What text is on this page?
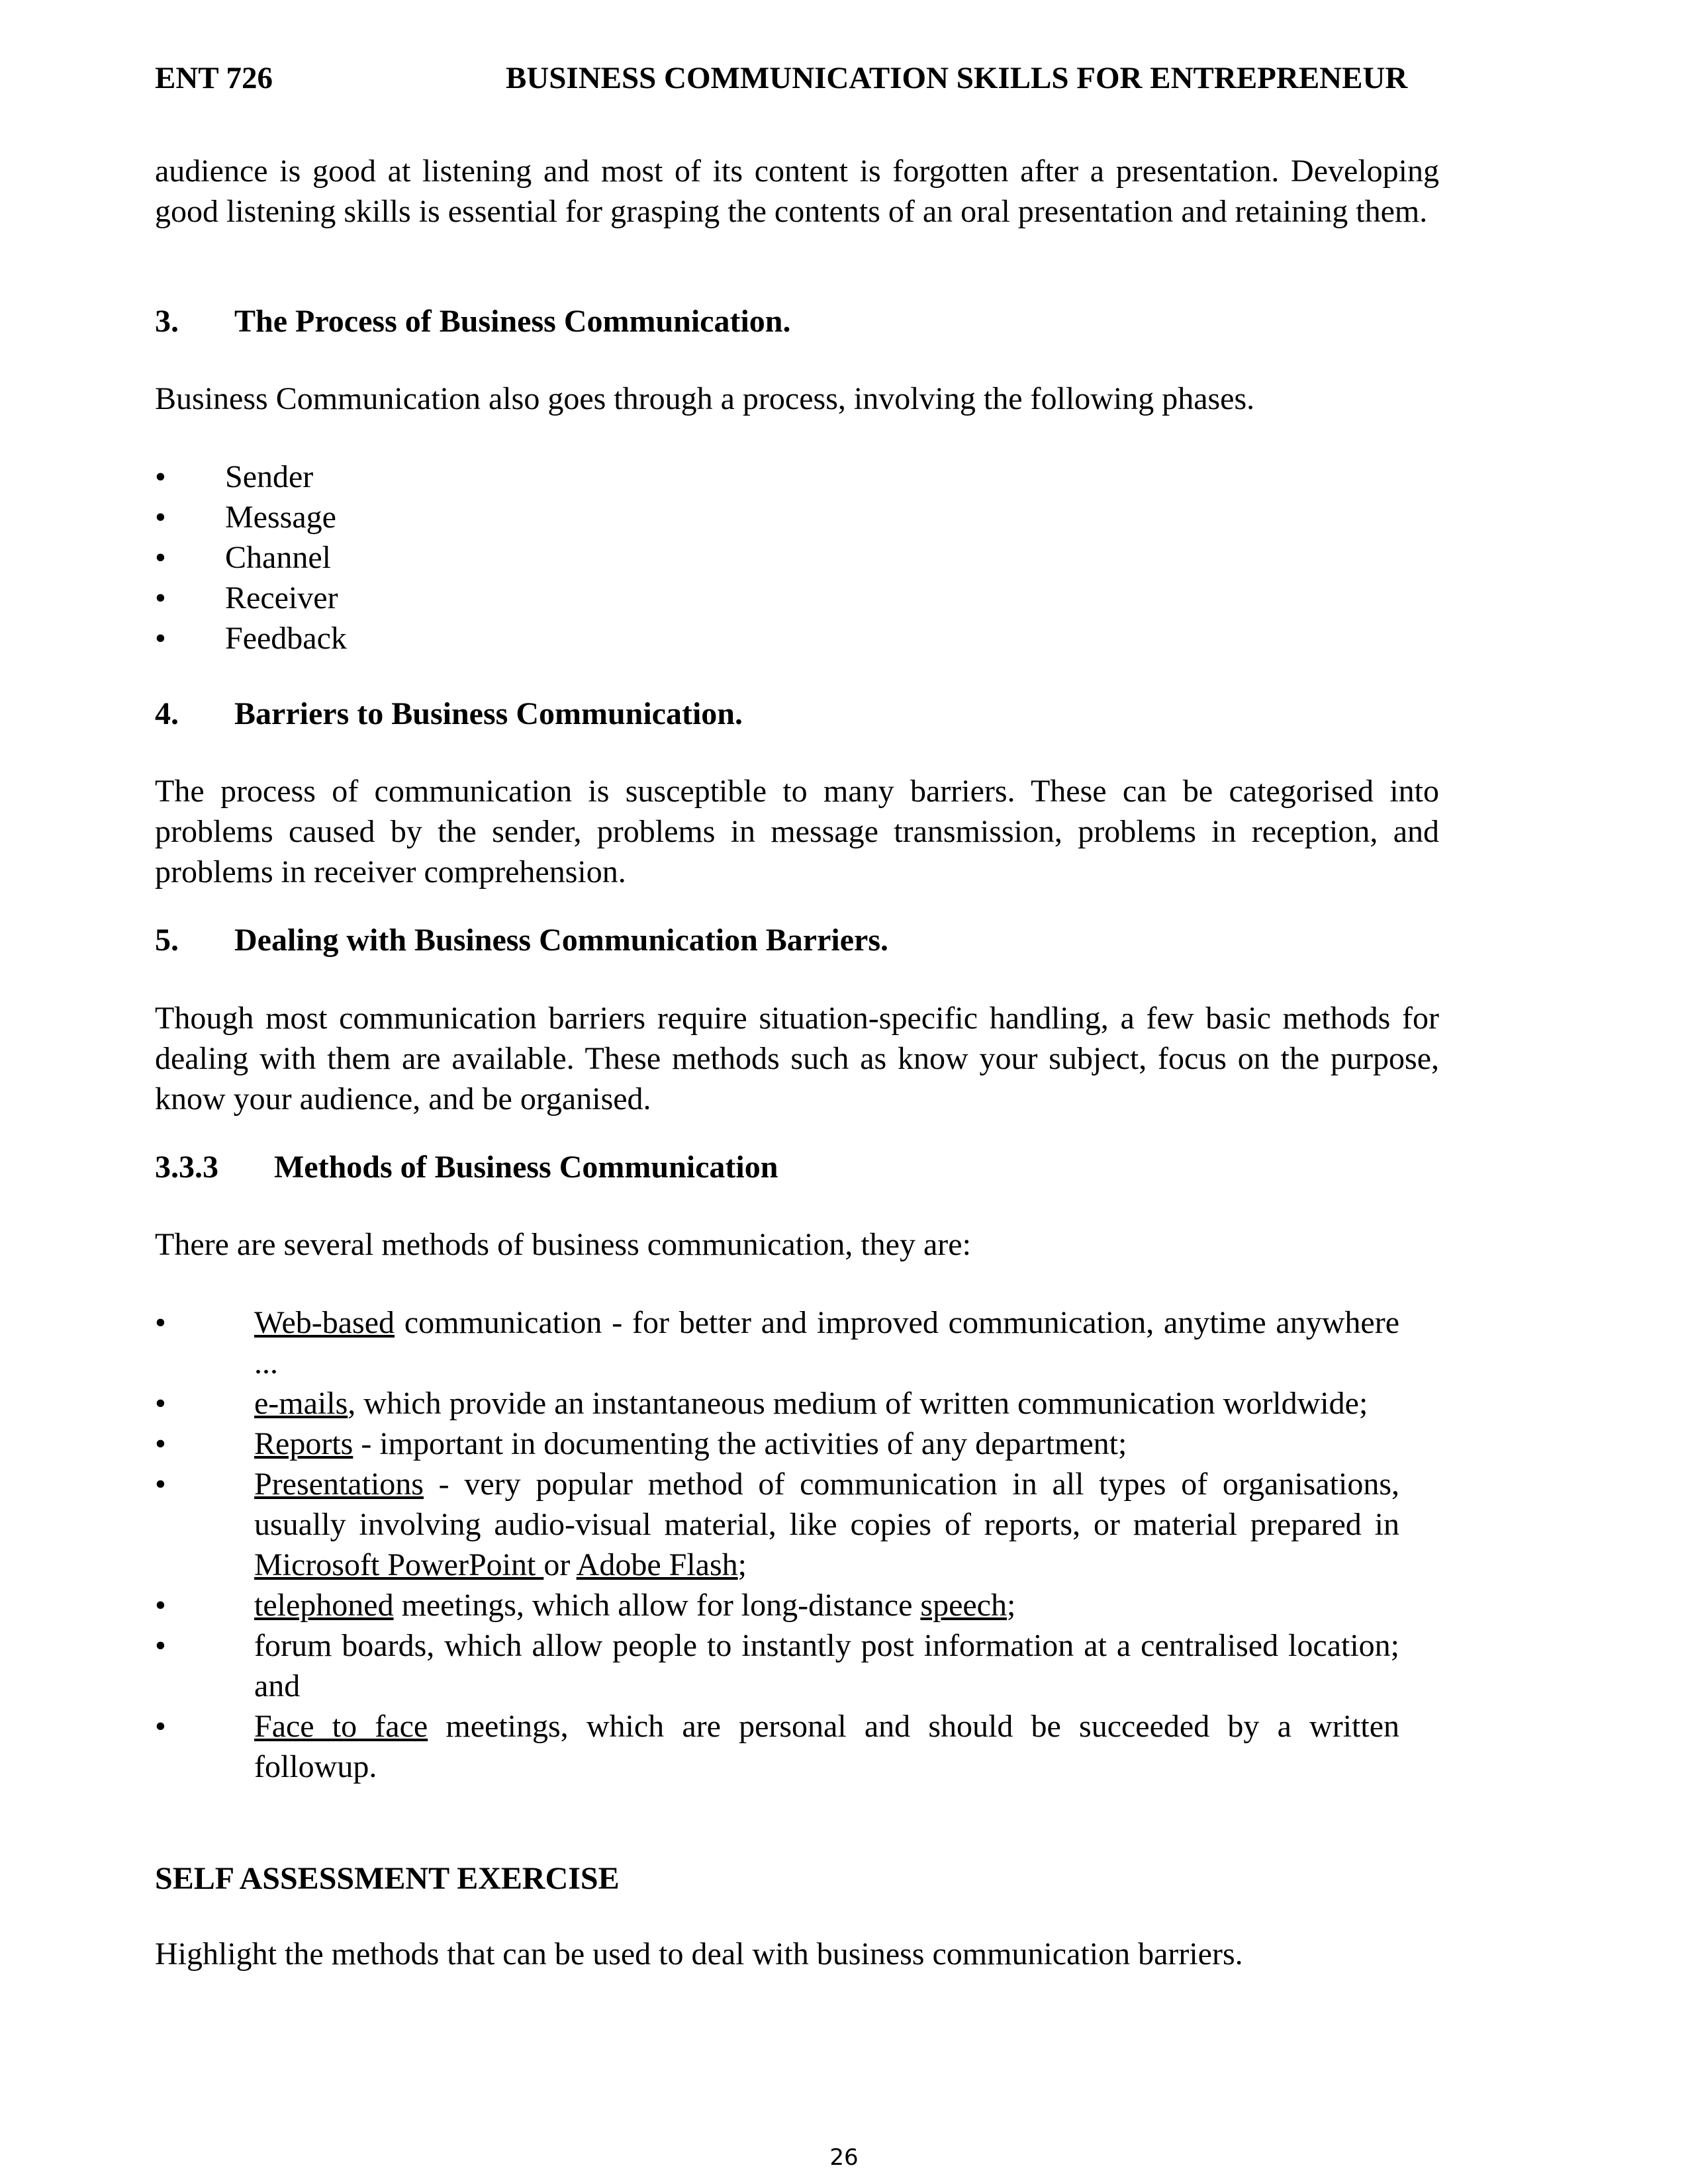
ENT 726	BUSINESS COMMUNICATION SKILLS FOR ENTREPRENEUR
audience is good at listening and most of its content is forgotten after a presentation. Developing good listening skills is essential for grasping the contents of an oral presentation and retaining them.
3. The Process of Business Communication.
Business Communication also goes through a process, involving the following phases.
• Sender
• Message
• Channel
• Receiver
• Feedback
4. Barriers to Business Communication.
The process of communication is susceptible to many barriers. These can be categorised into problems caused by the sender, problems in message transmission, problems in reception, and problems in receiver comprehension.
5. Dealing with Business Communication Barriers.
Though most communication barriers require situation-specific handling, a few basic methods for dealing with them are available. These methods such as know your subject, focus on the purpose, know your audience, and be organised.
3.3.3 Methods of Business Communication
There are several methods of business communication, they are:
•	Web-based communication - for better and improved communication, anytime anywhere ...
•	e-mails, which provide an instantaneous medium of written communication worldwide;
•	Reports - important in documenting the activities of any department;
•	Presentations - very popular method of communication in all types of organisations, usually involving audio-visual material, like copies of reports, or material prepared in Microsoft PowerPoint or Adobe Flash;
•	telephoned meetings, which allow for long-distance speech;
•	forum boards, which allow people to instantly post information at a centralised location; and
•	Face to face meetings, which are personal and should be succeeded by a written followup.
SELF ASSESSMENT EXERCISE
Highlight the methods that can be used to deal with business communication barriers.
26
